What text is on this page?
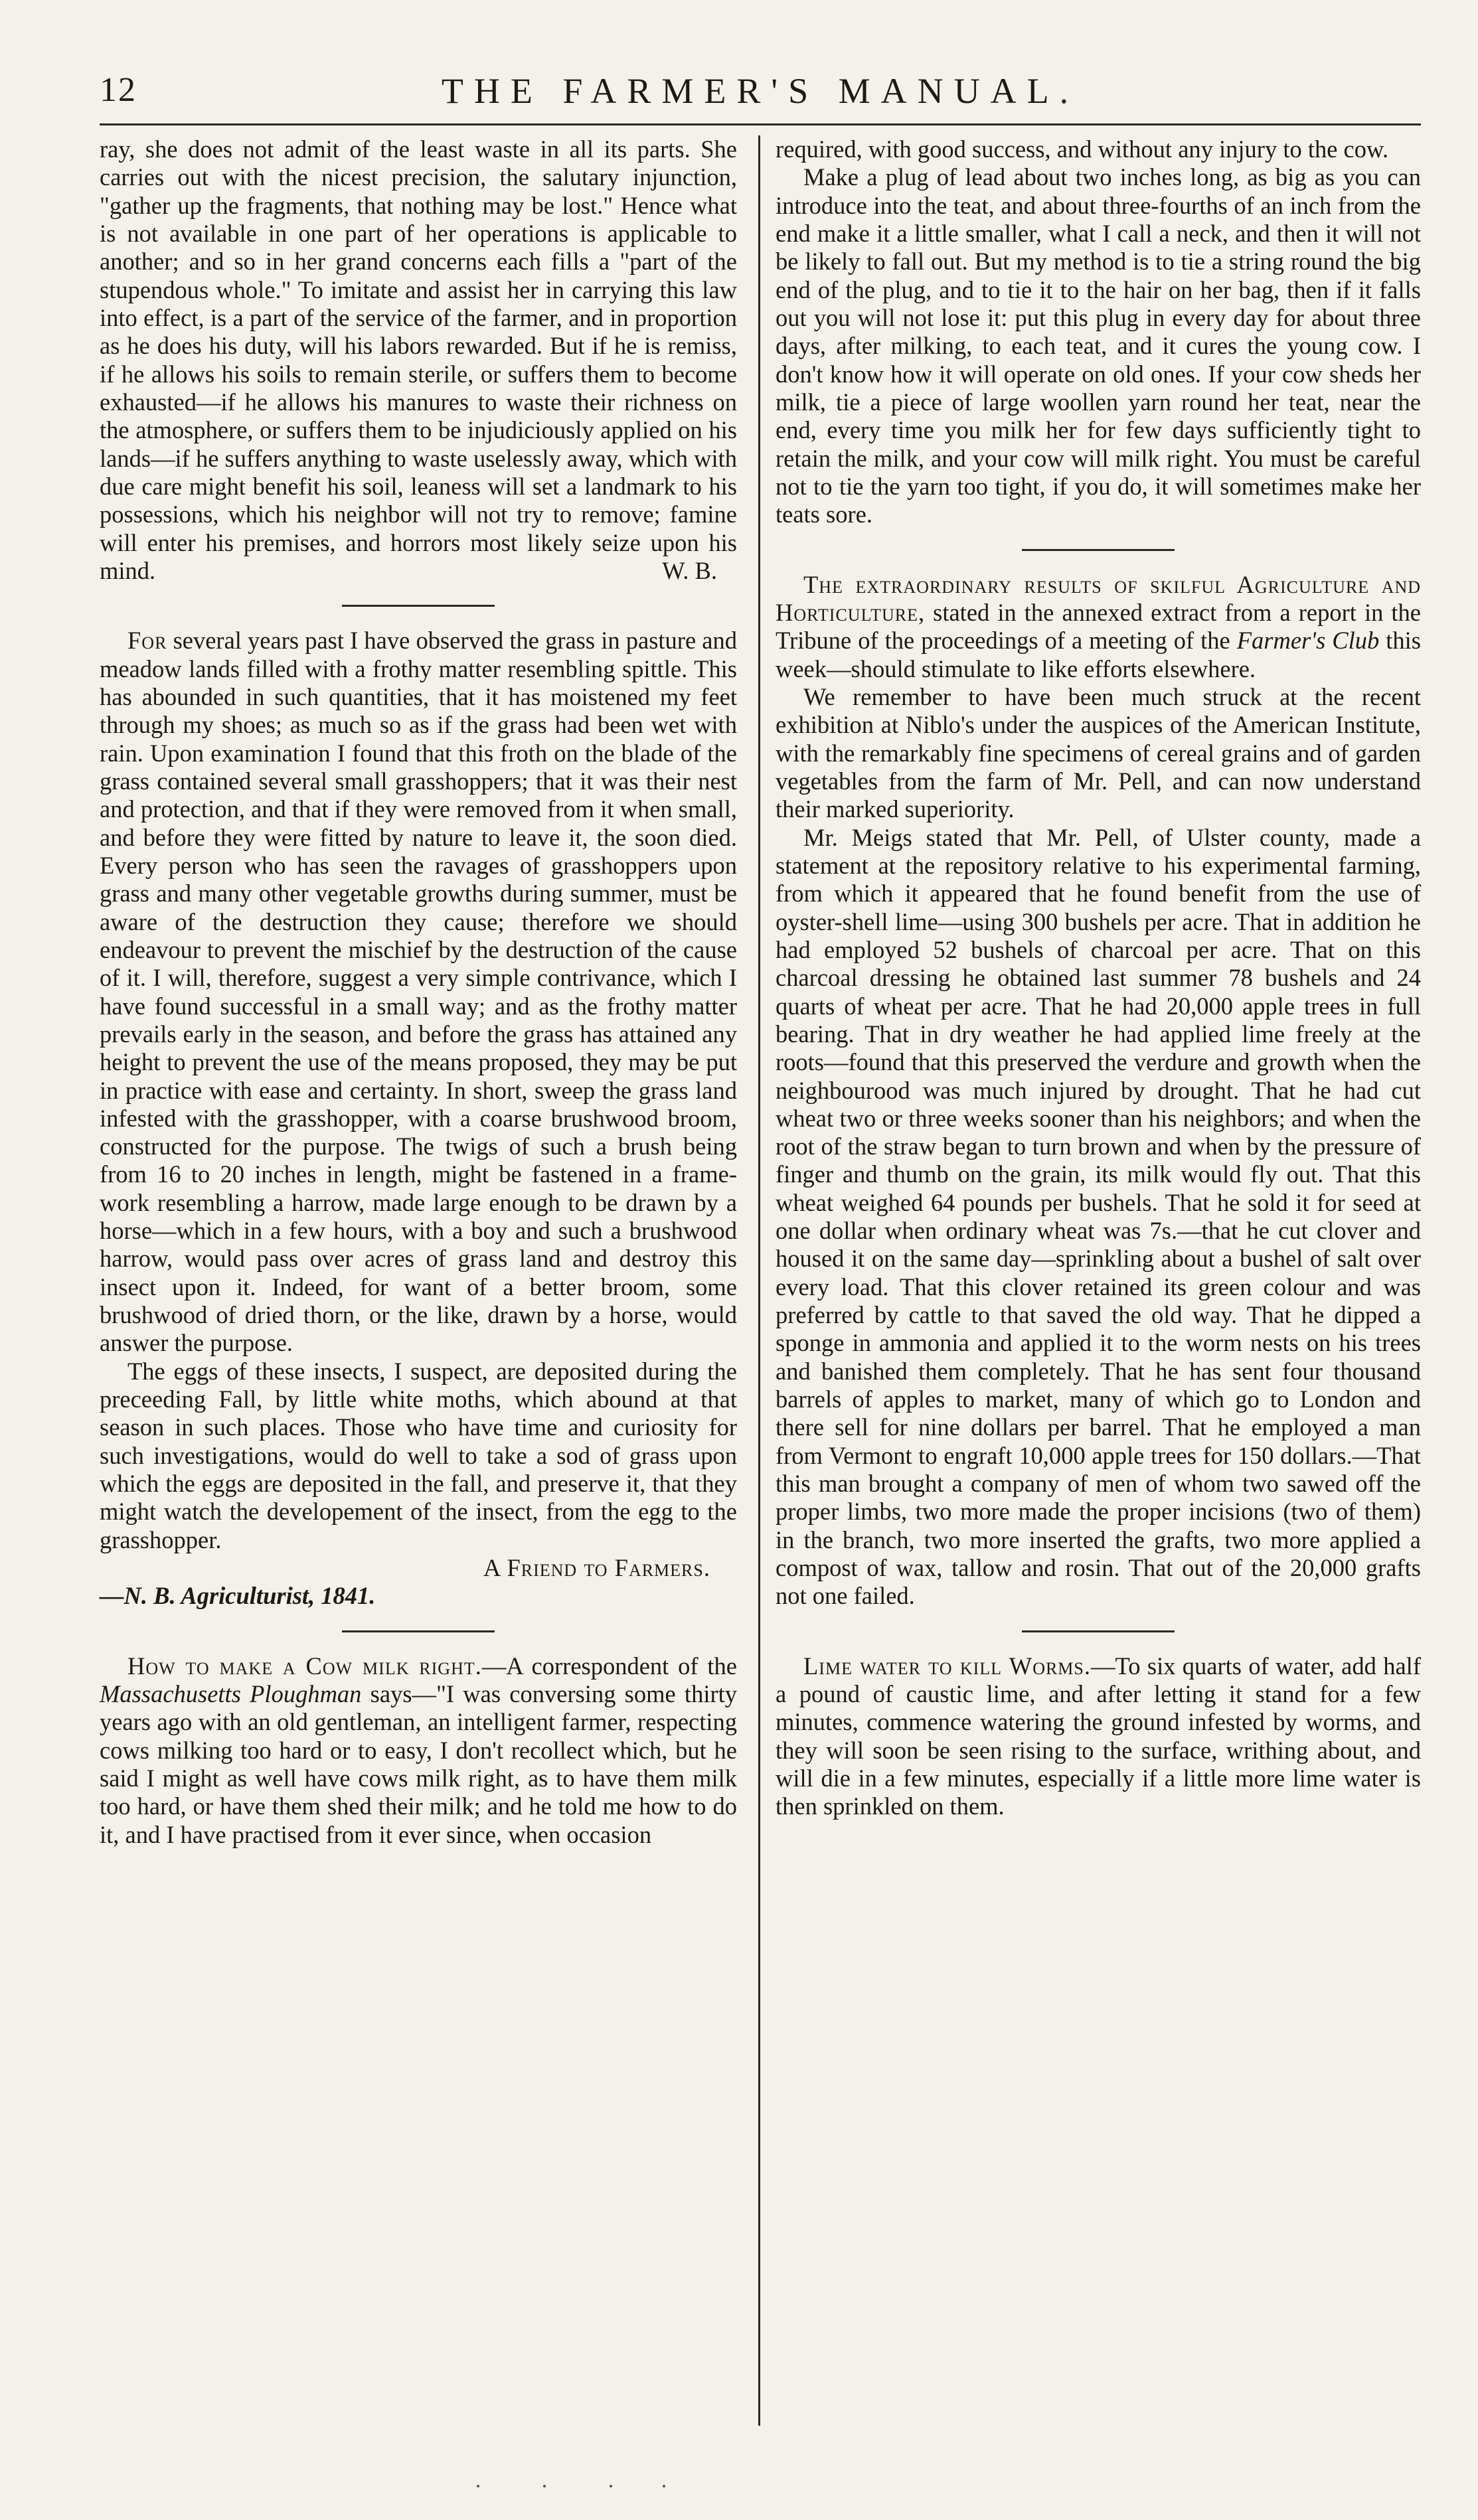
12	THE FARMER'S MANUAL.

ray, she does not admit of the least waste in all its parts. She carries out with the nicest precision, the salutary injunction, "gather up the fragments, that nothing may be lost." Hence what is not available in one part of her operations is applicable to another; and so in her grand concerns each fills a "part of the stupendous whole." To imitate and assist her in carrying this law into effect, is a part of the service of the farmer, and in proportion as he does his duty, will his labors rewarded. But if he is remiss, if he allows his soils to remain sterile, or suffers them to become exhausted—if he allows his manures to waste their richness on the atmosphere, or suffers them to be injudiciously applied on his lands—if he suffers anything to waste uselessly away, which with due care might benefit his soil, leaness will set a landmark to his possessions, which his neighbor will not try to remove; famine will enter his premises, and horrors most likely seize upon his mind.	W. B.

For several years past I have observed the grass in pasture and meadow lands filled with a frothy matter resembling spittle. This has abounded in such quantities, that it has moistened my feet through my shoes; as much so as if the grass had been wet with rain. Upon examination I found that this froth on the blade of the grass contained several small grasshoppers; that it was their nest and protection, and that if they were removed from it when small, and before they were fitted by nature to leave it, the soon died. Every person who has seen the ravages of grasshoppers upon grass and many other vegetable growths during summer, must be aware of the destruction they cause; therefore we should endeavour to prevent the mischief by the destruction of the cause of it. I will, therefore, suggest a very simple contrivance, which I have found successful in a small way; and as the frothy matter prevails early in the season, and before the grass has attained any height to prevent the use of the means proposed, they may be put in practice with ease and certainty. In short, sweep the grass land infested with the grasshopper, with a coarse brushwood broom, constructed for the purpose. The twigs of such a brush being from 16 to 20 inches in length, might be fastened in a frame-work resembling a harrow, made large enough to be drawn by a horse—which in a few hours, with a boy and such a brushwood harrow, would pass over acres of grass land and destroy this insect upon it. Indeed, for want of a better broom, some brushwood of dried thorn, or the like, drawn by a horse, would answer the purpose.

The eggs of these insects, I suspect, are deposited during the preceeding Fall, by little white moths, which abound at that season in such places. Those who have time and curiosity for such investigations, would do well to take a sod of grass upon which the eggs are deposited in the fall, and preserve it, that they might watch the developement of the insect, from the egg to the grasshopper.

A Friend to Farmers.

—N. B. Agriculturist, 1841.

How to make a Cow milk right.—A correspondent of the Massachusetts Ploughman says—"I was conversing some thirty years ago with an old gentleman, an intelligent farmer, respecting cows milking too hard or to easy, I don't recollect which, but he said I might as well have cows milk right, as to have them milk too hard, or have them shed their milk; and he told me how to do it, and I have practised from it ever since, when occasion

required, with good success, and without any injury to the cow.

Make a plug of lead about two inches long, as big as you can introduce into the teat, and about three-fourths of an inch from the end make it a little smaller, what I call a neck, and then it will not be likely to fall out. But my method is to tie a string round the big end of the plug, and to tie it to the hair on her bag, then if it falls out you will not lose it: put this plug in every day for about three days, after milking, to each teat, and it cures the young cow. I don't know how it will operate on old ones. If your cow sheds her milk, tie a piece of large woollen yarn round her teat, near the end, every time you milk her for few days sufficiently tight to retain the milk, and your cow will milk right. You must be careful not to tie the yarn too tight, if you do, it will sometimes make her teats sore.

The extraordinary results of skilful Agriculture and Horticulture, stated in the annexed extract from a report in the Tribune of the proceedings of a meeting of the Farmer's Club this week—should stimulate to like efforts elsewhere.

We remember to have been much struck at the recent exhibition at Niblo's under the auspices of the American Institute, with the remarkably fine specimens of cereal grains and of garden vegetables from the farm of Mr. Pell, and can now understand their marked superiority.

Mr. Meigs stated that Mr. Pell, of Ulster county, made a statement at the repository relative to his experimental farming, from which it appeared that he found benefit from the use of oyster-shell lime—using 300 bushels per acre. That in addition he had employed 52 bushels of charcoal per acre. That on this charcoal dressing he obtained last summer 78 bushels and 24 quarts of wheat per acre. That he had 20,000 apple trees in full bearing. That in dry weather he had applied lime freely at the roots—found that this preserved the verdure and growth when the neighbourood was much injured by drought. That he had cut wheat two or three weeks sooner than his neighbors; and when the root of the straw began to turn brown and when by the pressure of finger and thumb on the grain, its milk would fly out. That this wheat weighed 64 pounds per bushels. That he sold it for seed at one dollar when ordinary wheat was 7s.—that he cut clover and housed it on the same day—sprinkling about a bushel of salt over every load. That this clover retained its green colour and was preferred by cattle to that saved the old way. That he dipped a sponge in ammonia and applied it to the worm nests on his trees and banished them completely. That he has sent four thousand barrels of apples to market, many of which go to London and there sell for nine dollars per barrel. That he employed a man from Vermont to engraft 10,000 apple trees for 150 dollars.—That this man brought a company of men of whom two sawed off the proper limbs, two more made the proper incisions (two of them) in the branch, two more inserted the grafts, two more applied a compost of wax, tallow and rosin. That out of the 20,000 grafts not one failed.

Lime water to kill Worms.—To six quarts of water, add half a pound of caustic lime, and after letting it stand for a few minutes, commence watering the ground infested by worms, and they will soon be seen rising to the surface, writhing about, and will die in a few minutes, especially if a little more lime water is then sprinkled on them.
